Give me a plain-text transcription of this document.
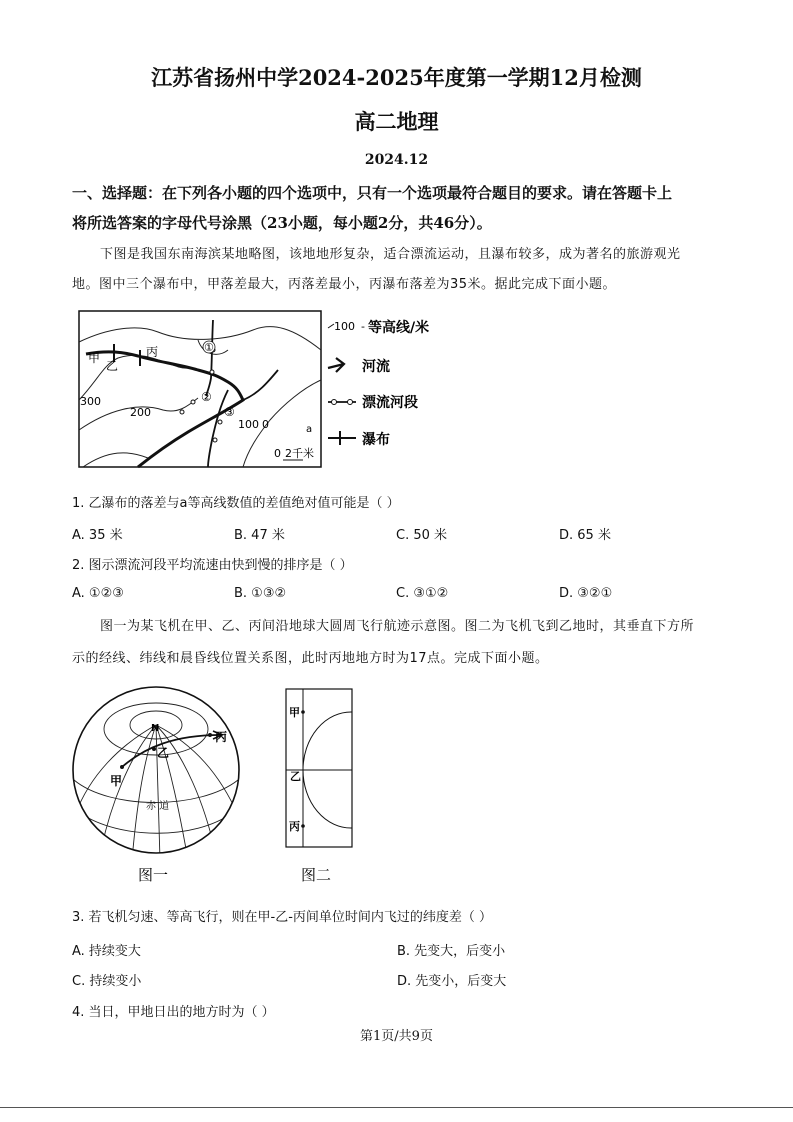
江苏省扬州中学2024-2025年度第一学期12月检测
高二地理
2024.12
一、选择题：在下列各小题的四个选项中，只有一个选项最符合题目的要求。请在答题卡上
将所选答案的字母代号涂黑（23小题，每小题2分，共46分）。
下图是我国东南海滨某地略图，该地地形复杂，适合漂流运动，且瀑布较多，成为著名的旅游观光
地。图中三个瀑布中，甲落差最大，丙落差最小，丙瀑布落差为35米。据此完成下面小题。
甲
乙
丙
300
200
100 0	a
①
②
③
0 2千米
100 - 等高线/米
河流
漂流河段
瀑布
1. 乙瀑布的落差与a等高线数值的差值绝对值可能是（ ）
A. 35 米	B. 47 米	C. 50 米	D. 65 米
2. 图示漂流河段平均流速由快到慢的排序是（ ）
A. ①②③	B. ①③②	C. ③①②	D. ③②①
图一为某飞机在甲、乙、丙间沿地球大圆周飞行航迹示意图。图二为飞机飞到乙地时，其垂直下方所
示的经线、纬线和晨昏线位置关系图，此时丙地地方时为17点。完成下面小题。
N
甲
乙
丙
赤 道
图一
甲
乙
丙
图二
3. 若飞机匀速、等高飞行，则在甲-乙-丙间单位时间内飞过的纬度差（ ）
A. 持续变大	B. 先变大，后变小
C. 持续变小	D. 先变小，后变大
4. 当日，甲地日出的地方时为（ ）
第1页/共9页
